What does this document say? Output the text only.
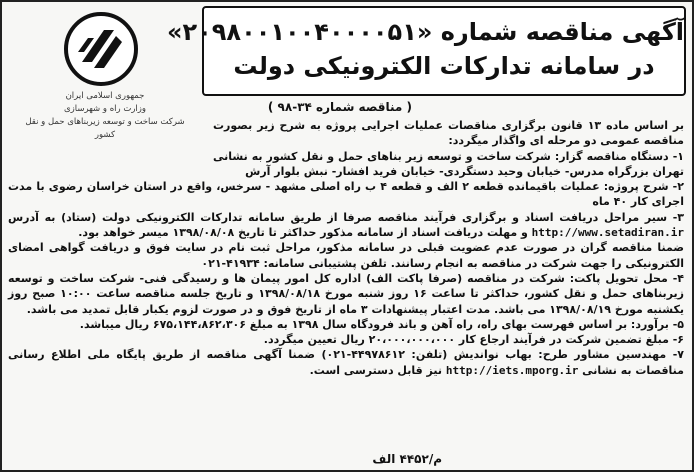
آگهی مناقصه شماره «۲۰۹۸۰۰۱۰۰۴۰۰۰۰۵۱»
در سامانه تدارکات الکترونیکی دولت
جمهوری اسلامی ایران
وزارت راه و شهرسازی
شرکت ساخت و توسعه زیربناهای حمل و نقل کشور
( مناقصه شماره ۳۴-۹۸ )

بر اساس ماده ۱۳ قانون برگزاری مناقصات عملیات اجرایی پروژه به شرح زیر بصورت مناقصه عمومی دو مرحله ای واگذار میگردد:

۱- دستگاه مناقصه گزار: شرکت ساخت و توسعه زیر بناهای حمل و نقل کشور به نشانی تهران بزرگراه مدرس- خیابان وحید دستگردی- خیابان فرید افشار- نبش بلوار آرش

۲- شرح پروژه: عملیات باقیمانده قطعه ۲ الف و قطعه ۴ ب راه اصلی مشهد - سرخس، واقع در استان خراسان رضوی با مدت اجرای کار ۴۰ ماه

۳- سیر مراحل دریافت اسناد و برگزاری فرآیند مناقصه صرفا از طریق سامانه تدارکات الکترونیکی دولت (ستاد) به آدرس http://www.setadiran.ir و مهلت دریافت اسناد از سامانه مذکور حداکثر تا تاریخ ۱۳۹۸/۰۸/۰۸ میسر خواهد بود.

ضمنا مناقصه گران در صورت عدم عضویت قبلی در سامانه مذکور، مراحل ثبت نام در سایت فوق و دریافت گواهی امضای الکترونیکی را جهت شرکت در مناقصه به انجام رسانند. تلفن پشتیبانی سامانه: ۴۱۹۳۴-۰۲۱

۴- محل تحویل پاکت: شرکت در مناقصه (صرفا پاکت الف) اداره کل امور پیمان ها و رسیدگی فنی- شرکت ساخت و توسعه زیربناهای حمل و نقل کشور، حداکثر تا ساعت ۱۶ روز شنبه مورخ ۱۳۹۸/۰۸/۱۸ و تاریخ جلسه مناقصه ساعت ۱۰:۰۰ صبح روز یکشنبه مورخ ۱۳۹۸/۰۸/۱۹ می باشد. مدت اعتبار پیشنهادات ۳ ماه از تاریخ فوق و در صورت لزوم یکبار قابل تمدید می باشد.

۵- برآورد: بر اساس فهرست بهای راه، راه آهن و باند فرودگاه سال ۱۳۹۸ به مبلغ ۶۷۵،۱۴۴،۸۶۲،۳۰۶ ریال میباشد.

۶- مبلغ تضمین شرکت در فرآیند ارجاع کار ۲۰،۰۰۰،۰۰۰،۰۰۰ ریال تعیین میگردد.

۷- مهندسین مشاور طرح: بهاب نواندیش (تلفن: ۴۴۹۷۸۶۱۲-۰۲۱) ضمنا آگهی مناقصه از طریق پایگاه ملی اطلاع رسانی مناقصات به نشانی http://iets.mporg.ir نیز قابل دسترسی است.

م/۴۴۵۲ الف
